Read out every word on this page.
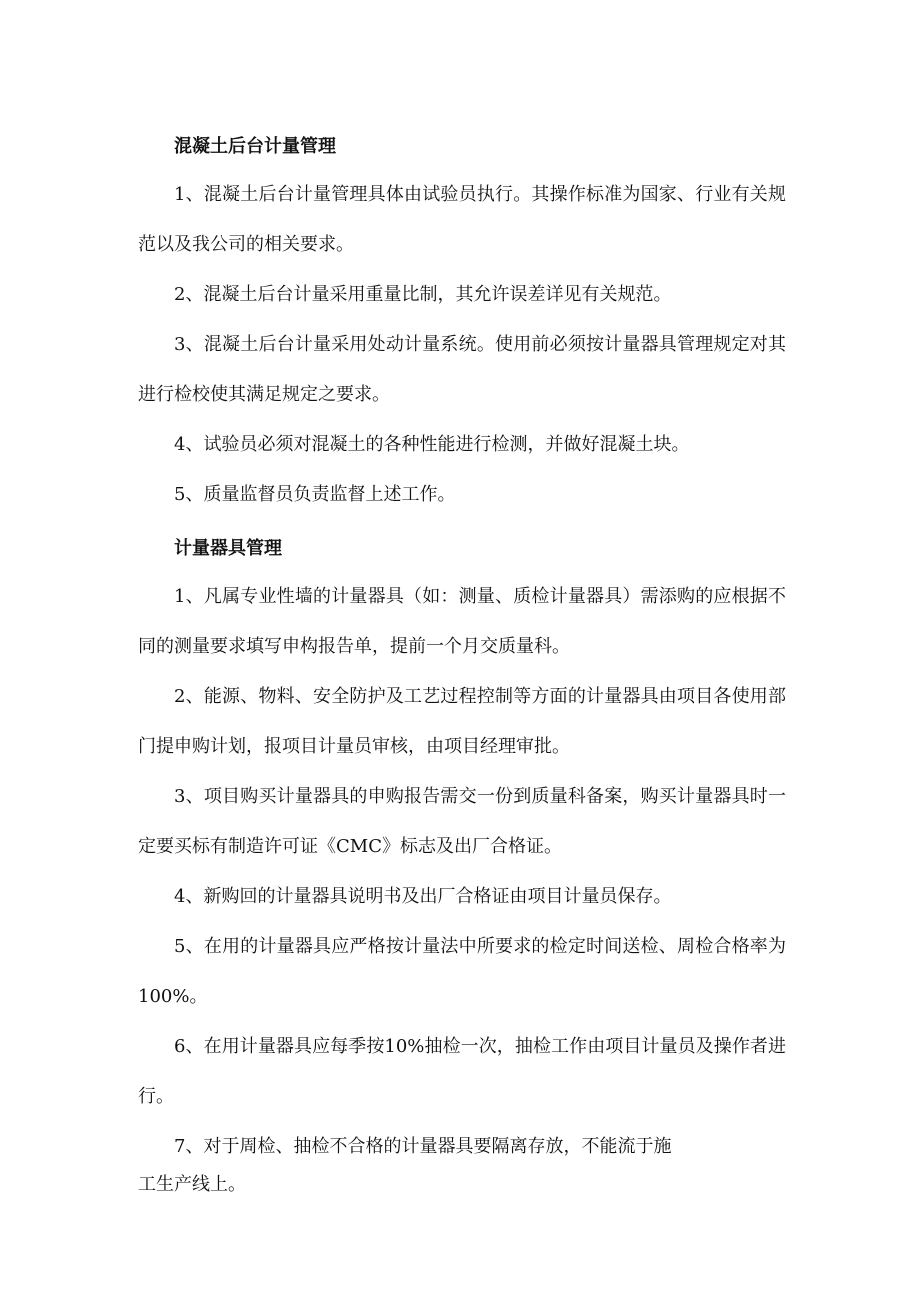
混凝土后台计量管理

1、混凝土后台计量管理具体由试验员执行。其操作标准为国家、行业有关规范以及我公司的相关要求。

2、混凝土后台计量采用重量比制，其允许误差详见有关规范。

3、混凝土后台计量采用处动计量系统。使用前必须按计量器具管理规定对其进行检校使其满足规定之要求。

4、试验员必须对混凝土的各种性能进行检测，并做好混凝土块。

5、质量监督员负责监督上述工作。

计量器具管理

1、凡属专业性墙的计量器具（如：测量、质检计量器具）需添购的应根据不同的测量要求填写申构报告单，提前一个月交质量科。

2、能源、物料、安全防护及工艺过程控制等方面的计量器具由项目各使用部门提申购计划，报项目计量员审核，由项目经理审批。

3、项目购买计量器具的申购报告需交一份到质量科备案，购买计量器具时一定要买标有制造许可证《CMC》标志及出厂合格证。

4、新购回的计量器具说明书及出厂合格证由项目计量员保存。

5、在用的计量器具应严格按计量法中所要求的检定时间送检、周检合格率为100%。

6、在用计量器具应每季按10%抽检一次，抽检工作由项目计量员及操作者进行。

7、对于周检、抽检不合格的计量器具要隔离存放，不能流于施
工生产线上。
